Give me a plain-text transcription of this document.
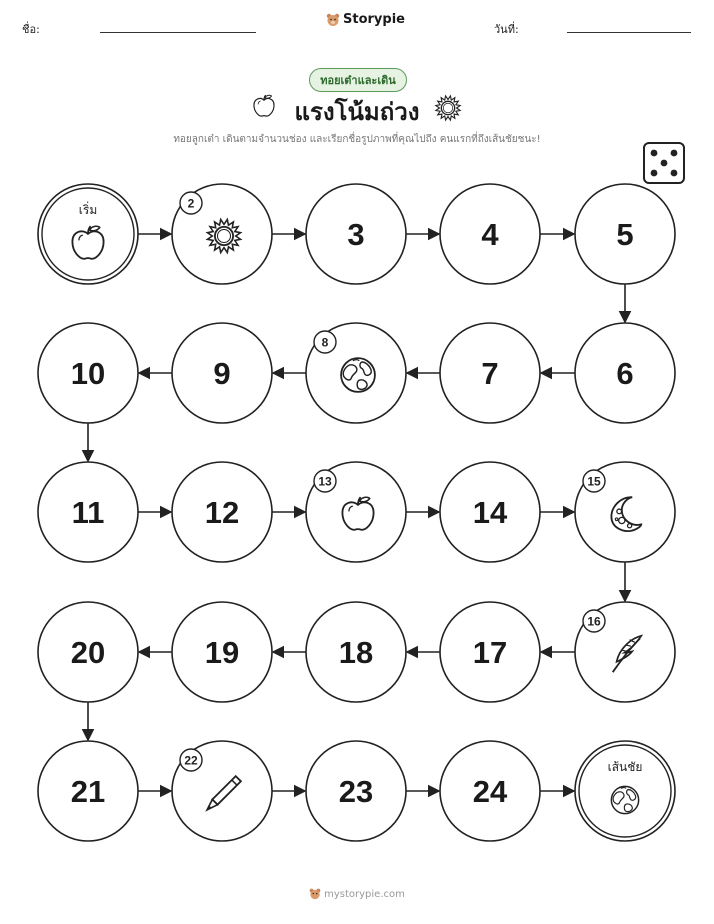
ชื่อ:
Storypie
วันที่:
ทอยเต๋าและเดิน
แรงโน้มถ่วง
ทอยลูกเต๋า เดินตามจำนวนช่อง และเรียกชื่อรูปภาพที่คุณไปถึง คนแรกที่ถึงเส้นชัยชนะ!
เริ่ม	2
3	4	5
6
7
8
9
10
11	12
13
14
15
16
17
18
19
20
21
22
23	24
เส้นชัย
mystorypie.com
